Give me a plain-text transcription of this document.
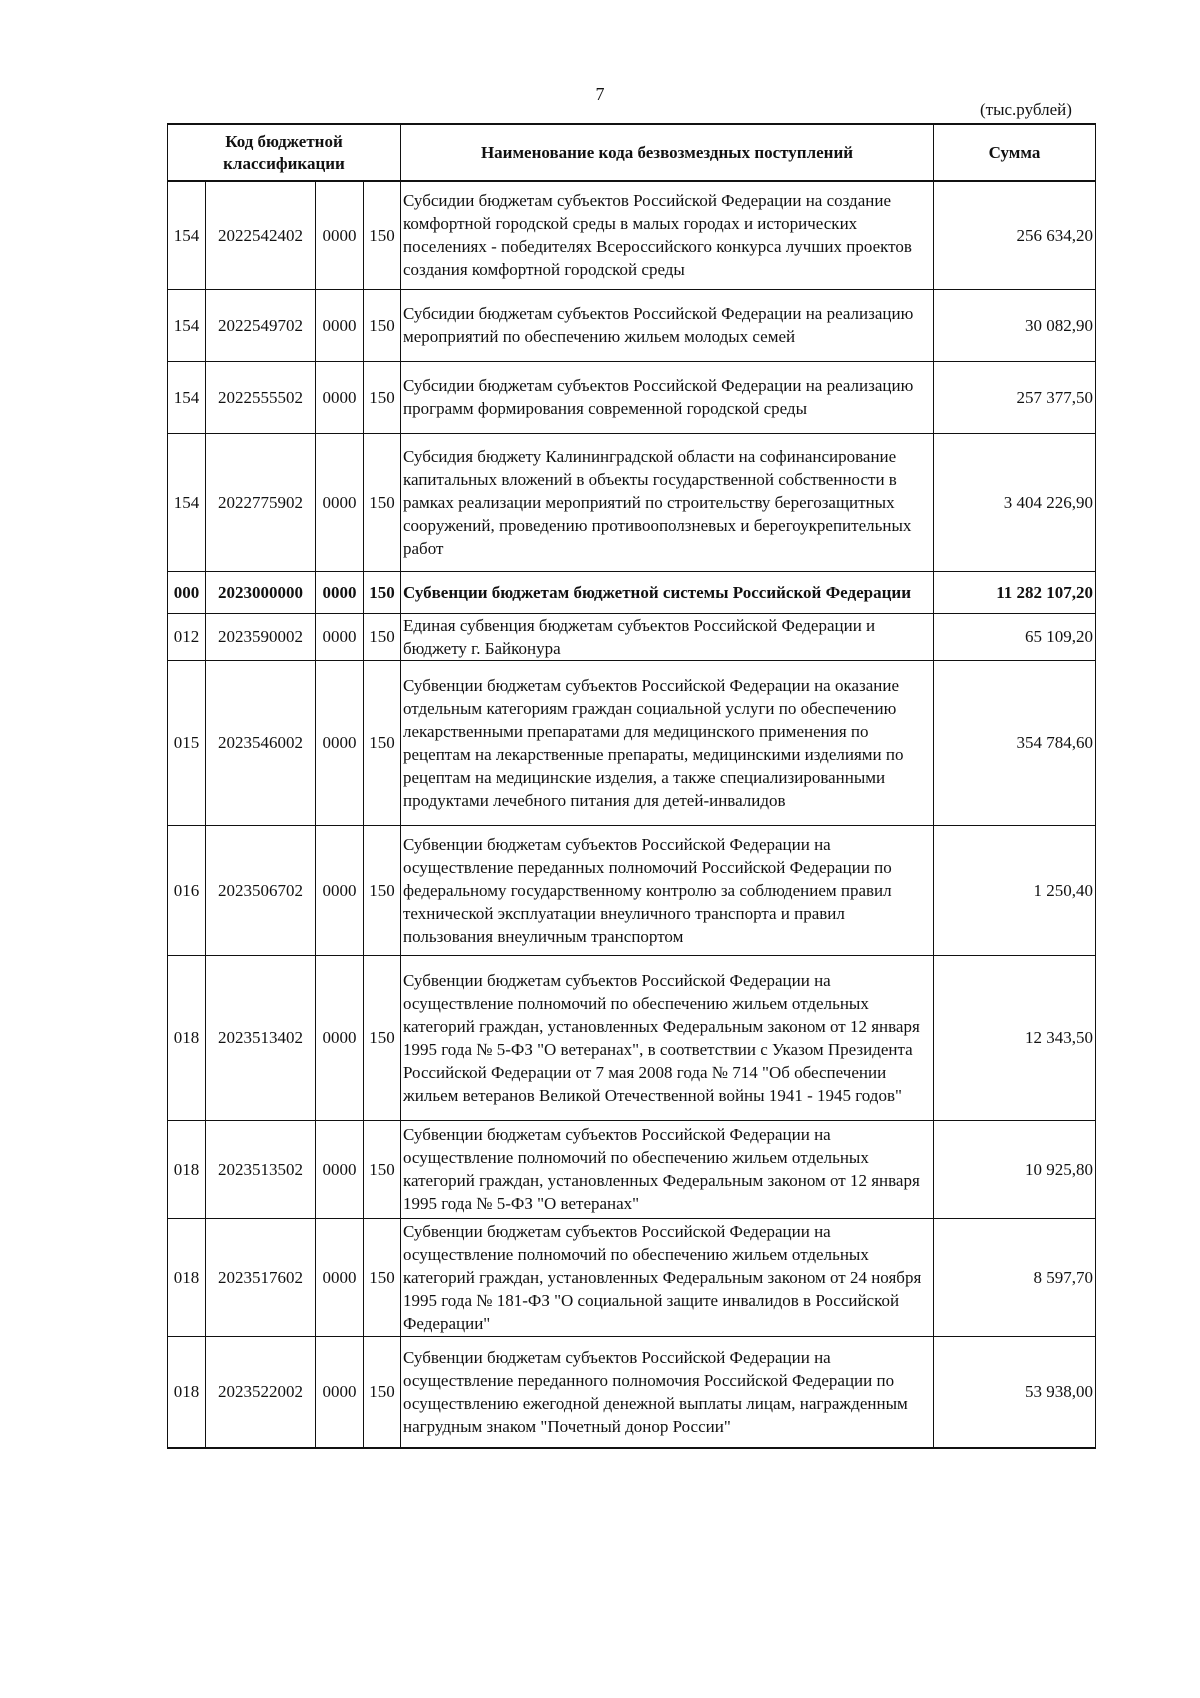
7
(тыс.рублей)
Код бюджетной классификации				Наименование кода безвозмездных поступлений	Сумма
154	2022542402	0000	150	Субсидии бюджетам субъектов Российской Федерации на создание комфортной городской среды в малых городах и исторических поселениях - победителях Всероссийского конкурса лучших проектов создания комфортной городской среды	256 634,20
154	2022549702	0000	150	Субсидии бюджетам субъектов Российской Федерации на реализацию мероприятий по обеспечению жильем молодых семей	30 082,90
154	2022555502	0000	150	Субсидии бюджетам субъектов Российской Федерации на реализацию программ формирования современной городской среды	257 377,50
154	2022775902	0000	150	Субсидия бюджету Калининградской области на софинансирование капитальных вложений в объекты государственной собственности в рамках реализации мероприятий по строительству берегозащитных сооружений, проведению противооползневых и берегоукрепительных работ	3 404 226,90
000	2023000000	0000	150	Субвенции бюджетам бюджетной системы Российской Федерации	11 282 107,20
012	2023590002	0000	150	Единая субвенция бюджетам субъектов Российской Федерации и бюджету г. Байконура	65 109,20
015	2023546002	0000	150	Субвенции бюджетам субъектов Российской Федерации на оказание отдельным категориям граждан социальной услуги по обеспечению лекарственными препаратами для медицинского применения по рецептам на лекарственные препараты, медицинскими изделиями по рецептам на медицинские изделия, а также специализированными продуктами лечебного питания для детей-инвалидов	354 784,60
016	2023506702	0000	150	Субвенции бюджетам субъектов Российской Федерации на осуществление переданных полномочий Российской Федерации по федеральному государственному контролю за соблюдением правил технической эксплуатации внеуличного транспорта и правил пользования внеуличным транспортом	1 250,40
018	2023513402	0000	150	Субвенции бюджетам субъектов Российской Федерации на осуществление полномочий по обеспечению жильем отдельных категорий граждан, установленных Федеральным законом от 12 января 1995 года № 5-ФЗ "О ветеранах", в соответствии с Указом Президента Российской Федерации от 7 мая 2008 года № 714 "Об обеспечении жильем ветеранов Великой Отечественной войны 1941 - 1945 годов"	12 343,50
018	2023513502	0000	150	Субвенции бюджетам субъектов Российской Федерации на осуществление полномочий по обеспечению жильем отдельных категорий граждан, установленных Федеральным законом от 12 января 1995 года № 5-ФЗ "О ветеранах"	10 925,80
018	2023517602	0000	150	Субвенции бюджетам субъектов Российской Федерации на осуществление полномочий по обеспечению жильем отдельных категорий граждан, установленных Федеральным законом от 24 ноября 1995 года № 181-ФЗ "О социальной защите инвалидов в Российской Федерации"	8 597,70
018	2023522002	0000	150	Субвенции бюджетам субъектов Российской Федерации на осуществление переданного полномочия Российской Федерации по осуществлению ежегодной денежной выплаты лицам, награжденным нагрудным знаком "Почетный донор России"	53 938,00
